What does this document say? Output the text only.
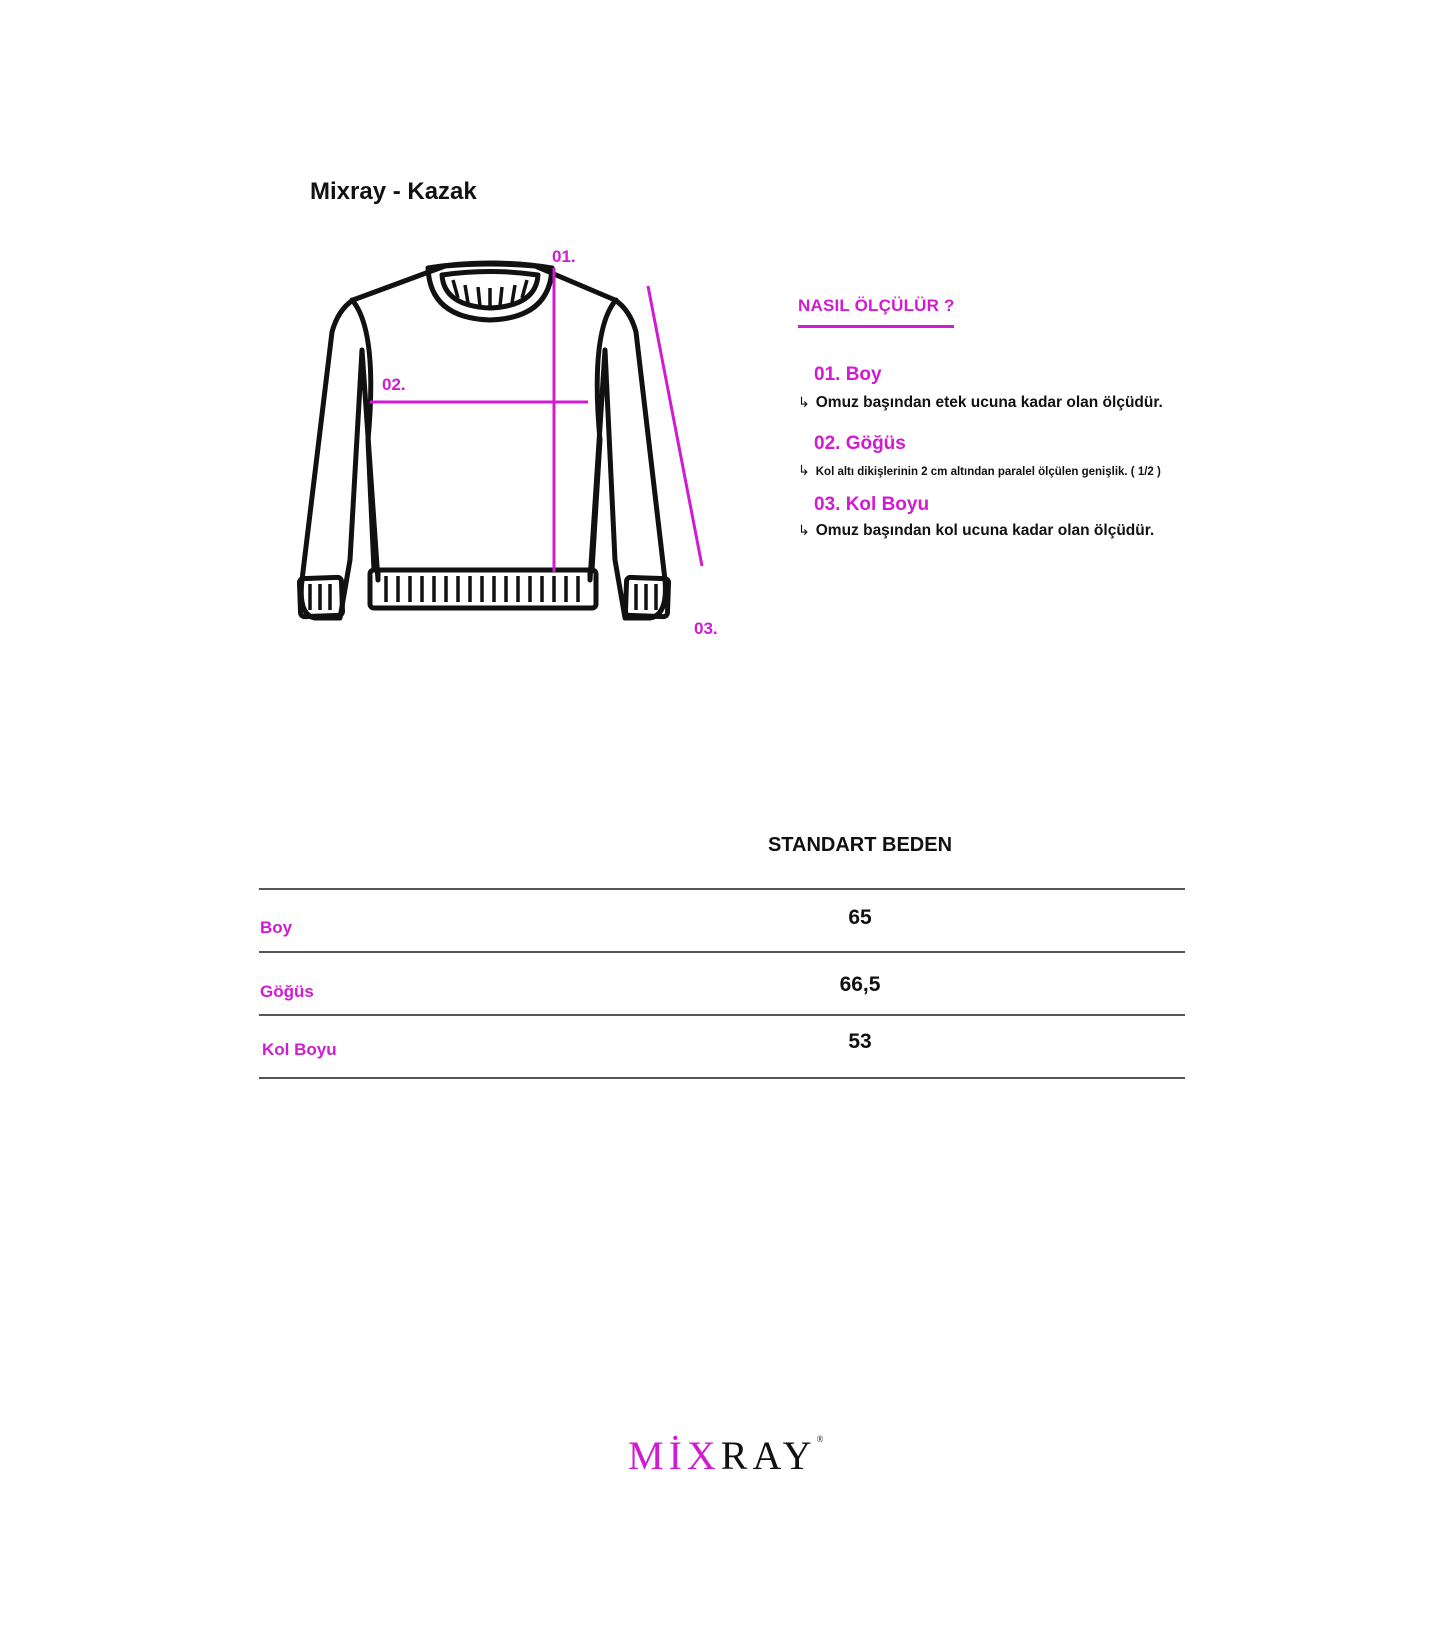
Mixray - Kazak
01.
02.
03.
NASIL ÖLÇÜLÜR ?
01. Boy
↳ Omuz başından etek ucuna kadar olan ölçüdür.
02. Göğüs
↳ Kol altı dikişlerinin 2 cm altından paralel ölçülen genişlik. ( 1/2 )
03. Kol Boyu
↳ Omuz başından kol ucuna kadar olan ölçüdür.
STANDART BEDEN
Boy	65
Göğüs	66,5
Kol Boyu	53
MİXRAY®
